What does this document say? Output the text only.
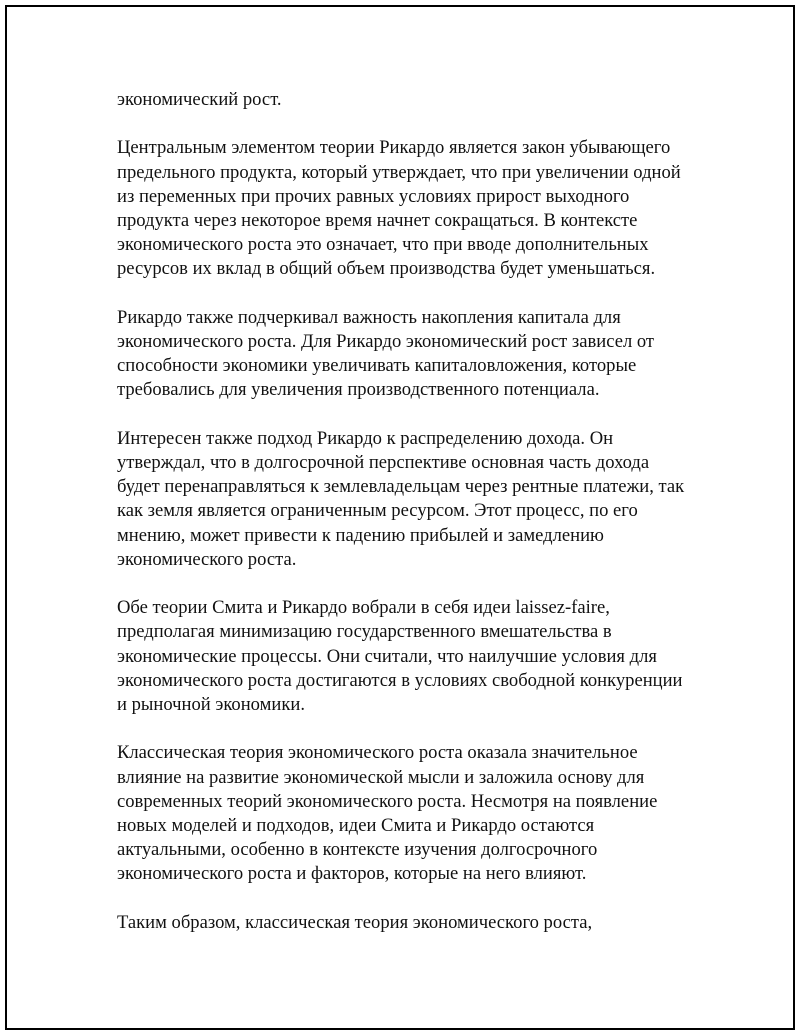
экономический рост.

Центральным элементом теории Рикардо является закон убывающего
предельного продукта, который утверждает, что при увеличении одной
из переменных при прочих равных условиях прирост выходного
продукта через некоторое время начнет сокращаться. В контексте
экономического роста это означает, что при вводе дополнительных
ресурсов их вклад в общий объем производства будет уменьшаться.

Рикардо также подчеркивал важность накопления капитала для
экономического роста. Для Рикардо экономический рост зависел от
способности экономики увеличивать капиталовложения, которые
требовались для увеличения производственного потенциала.

Интересен также подход Рикардо к распределению дохода. Он
утверждал, что в долгосрочной перспективе основная часть дохода
будет перенаправляться к землевладельцам через рентные платежи, так
как земля является ограниченным ресурсом. Этот процесс, по его
мнению, может привести к падению прибылей и замедлению
экономического роста.

Обе теории Смита и Рикардо вобрали в себя идеи laissez-faire,
предполагая минимизацию государственного вмешательства в
экономические процессы. Они считали, что наилучшие условия для
экономического роста достигаются в условиях свободной конкуренции
и рыночной экономики.

Классическая теория экономического роста оказала значительное
влияние на развитие экономической мысли и заложила основу для
современных теорий экономического роста. Несмотря на появление
новых моделей и подходов, идеи Смита и Рикардо остаются
актуальными, особенно в контексте изучения долгосрочного
экономического роста и факторов, которые на него влияют.

Таким образом, классическая теория экономического роста,
